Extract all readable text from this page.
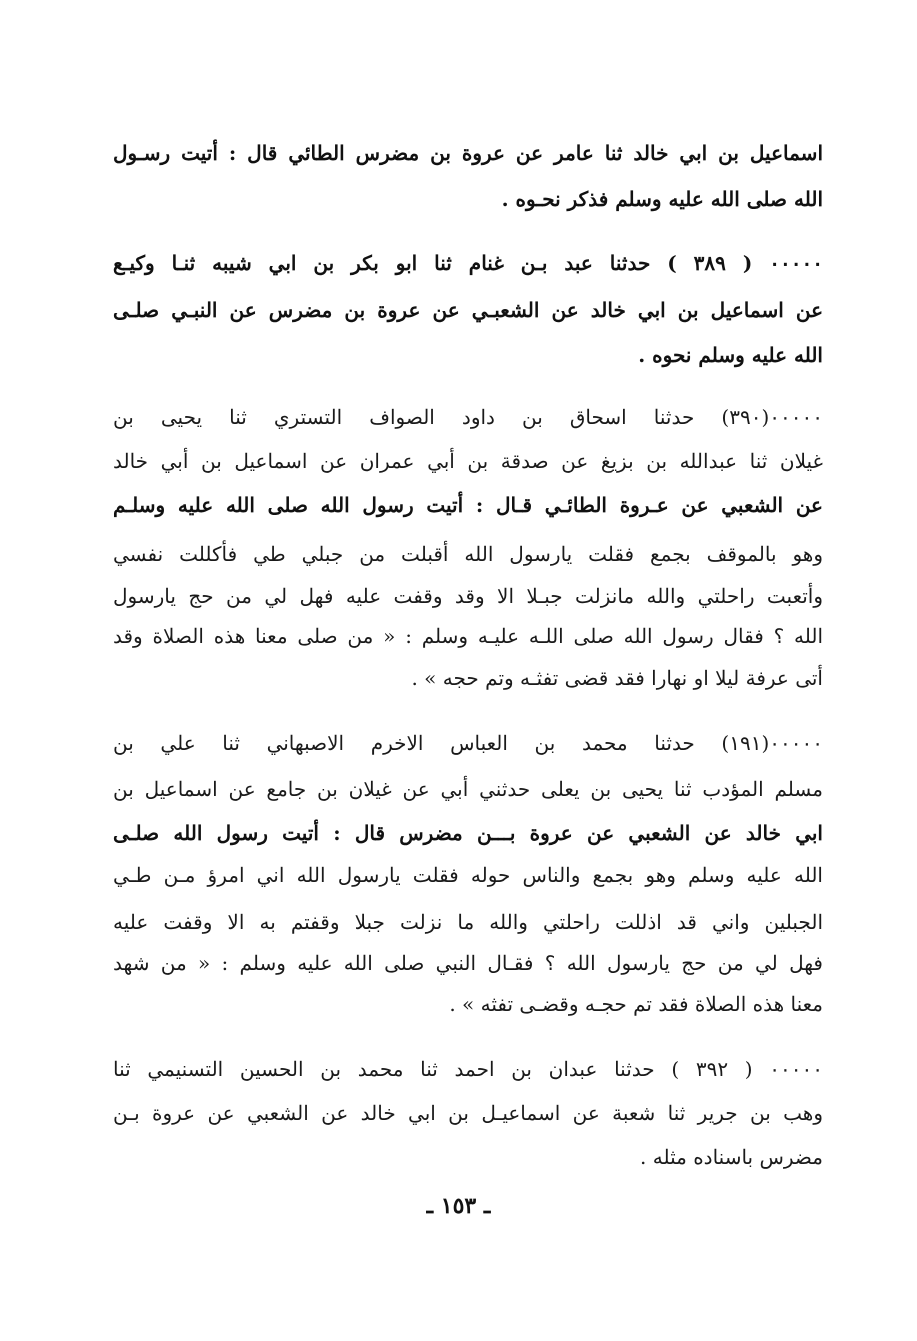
اسماعيل بن ابي خالد ثنا عامر عن عروة بن مضرس الطائي قال : أتيت رسـول
الله صلى الله عليه وسلم فذكر نحـوه .
٠٠٠٠٠ ( ٣٨٩ ) حدثنا عبد بـن غنام ثنا ابو بكر بن ابي شيبه ثنـا وكيـع
عن اسماعيل بن ابي خالد عن الشعبـي عن عروة بن مضرس عن النبـي صلـى
الله عليه وسلم نحوه .
٠٠٠٠٠(٣٩٠) حدثنا اسحاق بن داود الصواف التستري ثنا يحيى بن
غيلان ثنا عبدالله بن بزيغ عن صدقة بن أبي عمران عن اسماعيل بن أبي خالد
عن الشعبي عن عـروة الطائـي قـال : أتيت رسول الله صلى الله عليه وسلـم
وهو بالموقف بجمع فقلت يارسول الله أقبلت من جبلي طي فأكللت نفسي
وأتعبت راحلتي والله مانزلت جبـلا الا وقد وقفت عليه فهل لي من حج يارسول
الله ؟ فقال رسول الله صلى اللـه عليـه وسلم : « من صلى معنا هذه الصلاة وقد
أتى عرفة ليلا او نهارا فقد قضى تفثـه وتم حجه » .
٠٠٠٠٠(١٩١) حدثنا محمد بن العباس الاخرم الاصبهاني ثنا علي بن
مسلم المؤدب ثنا يحيى بن يعلى حدثني أبي عن غيلان بن جامع عن اسماعيل بن
ابي خالد عن الشعبي عن عروة بـــن مضرس قال : أتيت رسول الله صلـى
الله عليه وسلم وهو بجمع والناس حوله فقلت يارسول الله اني امرؤ مـن طـي
الجبلين واني قد اذللت راحلتي والله ما نزلت جبلا وقفتم به الا وقفت عليه
فهل لي من حج يارسول الله ؟ فقـال النبي صلى الله عليه وسلم : « من شهد
معنا هذه الصلاة فقد تم حجـه وقضـى تفثه » .
٠٠٠٠٠ ( ٣٩٢ ) حدثنا عبدان بن احمد ثنا محمد بن الحسين التسنيمي ثنا
وهب بن جرير ثنا شعبة عن اسماعيـل بن ابي خالد عن الشعبي عن عروة بـن
مضرس باسناده مثله .
ـ ١٥٣ ـ
